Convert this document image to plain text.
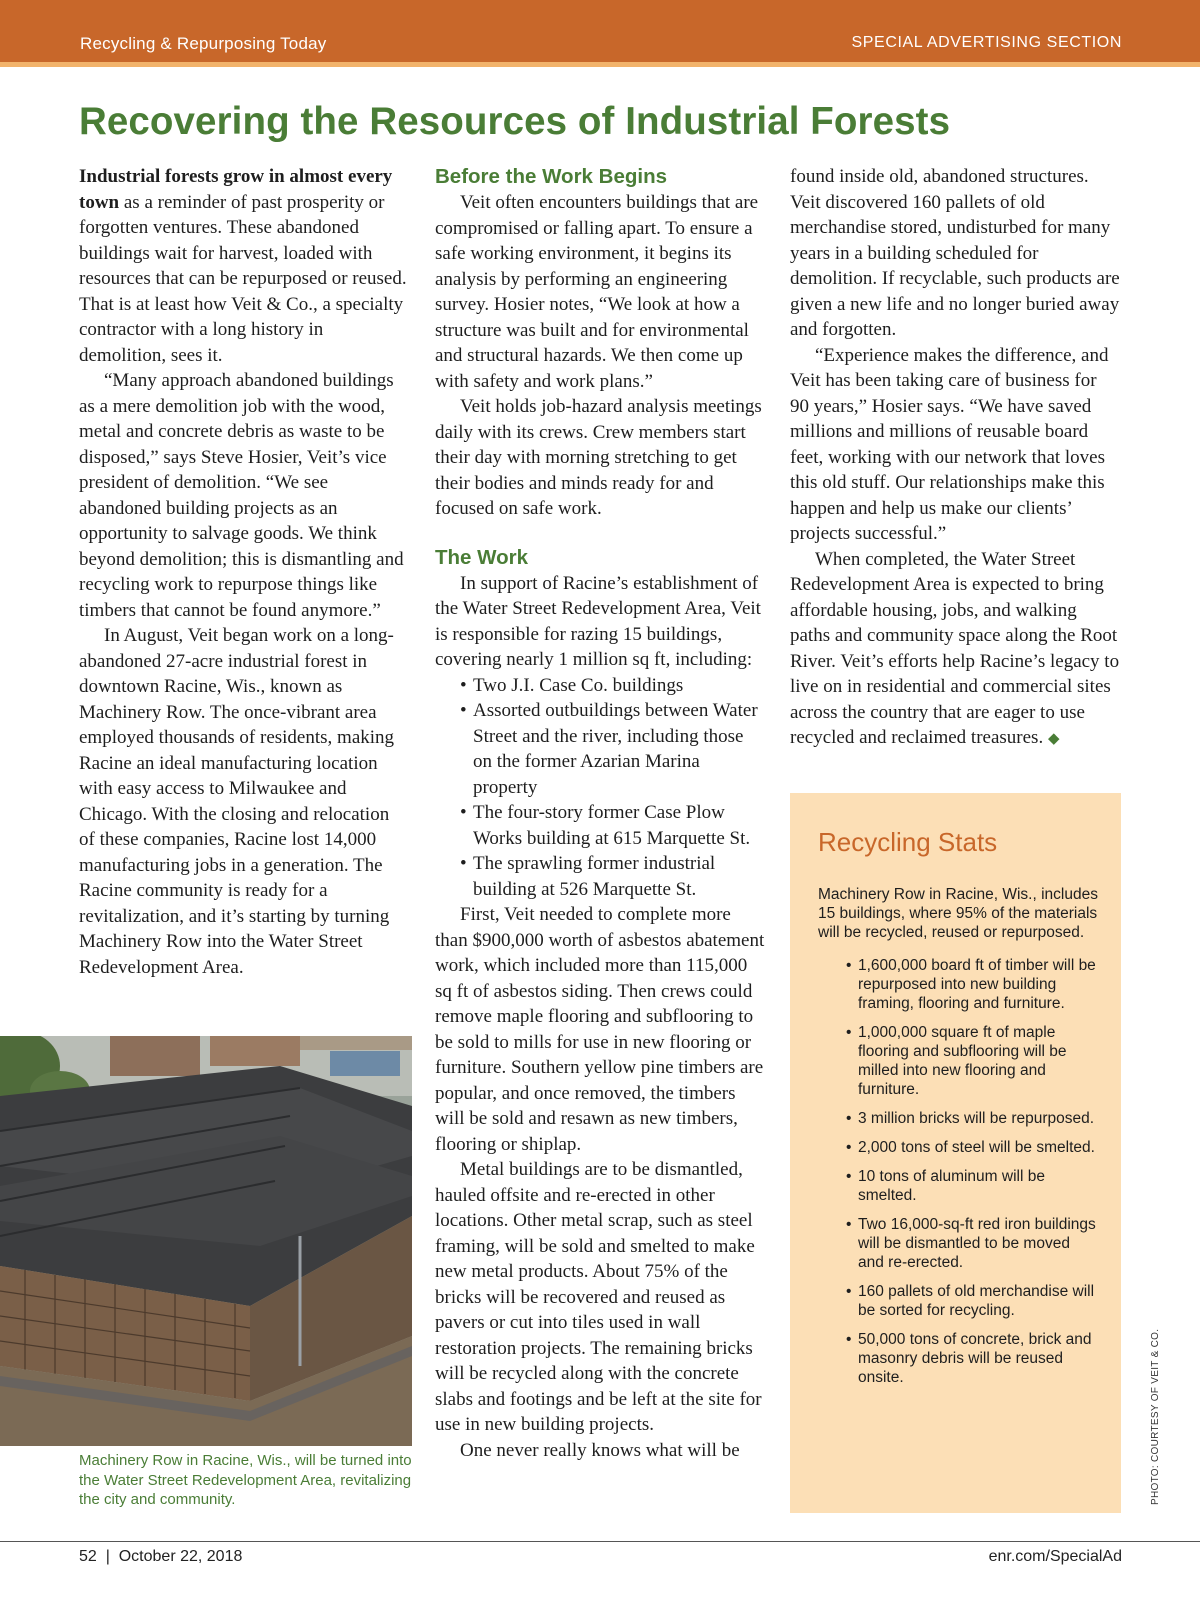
Recycling & Repurposing Today	SPECIAL ADVERTISING SECTION
Recovering the Resources of Industrial Forests

Industrial forests grow in almost every town as a reminder of past prosperity or forgotten ventures. These abandoned buildings wait for harvest, loaded with resources that can be repurposed or reused. That is at least how Veit & Co., a specialty contractor with a long history in demolition, sees it.

“Many approach abandoned buildings as a mere demolition job with the wood, metal and concrete debris as waste to be disposed,” says Steve Hosier, Veit’s vice president of demolition. “We see abandoned building projects as an opportunity to salvage goods. We think beyond demolition; this is dismantling and recycling work to repurpose things like timbers that cannot be found anymore.”

In August, Veit began work on a long-abandoned 27-acre industrial forest in downtown Racine, Wis., known as Machinery Row. The once-vibrant area employed thousands of residents, making Racine an ideal manufacturing location with easy access to Milwaukee and Chicago. With the closing and relocation of these companies, Racine lost 14,000 manufacturing jobs in a generation. The Racine community is ready for a revitalization, and it’s starting by turning Machinery Row into the Water Street Redevelopment Area.

Machinery Row in Racine, Wis., will be turned into the Water Street Redevelopment Area, revitalizing the city and community.

Before the Work Begins

Veit often encounters buildings that are compromised or falling apart. To ensure a safe working environment, it begins its analysis by performing an engineering survey. Hosier notes, “We look at how a structure was built and for environmental and structural hazards. We then come up with safety and work plans.”

Veit holds job-hazard analysis meetings daily with its crews. Crew members start their day with morning stretching to get their bodies and minds ready for and focused on safe work.

The Work

In support of Racine’s establishment of the Water Street Redevelopment Area, Veit is responsible for razing 15 buildings, covering nearly 1 million sq ft, including:

• Two J.I. Case Co. buildings
• Assorted outbuildings between Water Street and the river, including those on the former Azarian Marina property
• The four-story former Case Plow Works building at 615 Marquette St.
• The sprawling former industrial building at 526 Marquette St.

First, Veit needed to complete more than $900,000 worth of asbestos abatement work, which included more than 115,000 sq ft of asbestos siding. Then crews could remove maple flooring and subflooring to be sold to mills for use in new flooring or furniture. Southern yellow pine timbers are popular, and once removed, the timbers will be sold and resawn as new timbers, flooring or shiplap.

Metal buildings are to be dismantled, hauled offsite and re-erected in other locations. Other metal scrap, such as steel framing, will be sold and smelted to make new metal products. About 75% of the bricks will be recovered and reused as pavers or cut into tiles used in wall restoration projects. The remaining bricks will be recycled along with the concrete slabs and footings and be left at the site for use in new building projects.

One never really knows what will be

found inside old, abandoned structures. Veit discovered 160 pallets of old merchandise stored, undisturbed for many years in a building scheduled for demolition. If recyclable, such products are given a new life and no longer buried away and forgotten.

“Experience makes the difference, and Veit has been taking care of business for 90 years,” Hosier says. “We have saved millions and millions of reusable board feet, working with our network that loves this old stuff. Our relationships make this happen and help us make our clients’ projects successful.”

When completed, the Water Street Redevelopment Area is expected to bring affordable housing, jobs, and walking paths and community space along the Root River. Veit’s efforts help Racine’s legacy to live on in residential and commercial sites across the country that are eager to use recycled and reclaimed treasures. ◆

Recycling Stats

Machinery Row in Racine, Wis., includes 15 buildings, where 95% of the materials will be recycled, reused or repurposed.

• 1,600,000 board ft of timber will be repurposed into new building framing, flooring and furniture.
• 1,000,000 square ft of maple flooring and subflooring will be milled into new flooring and furniture.
• 3 million bricks will be repurposed.
• 2,000 tons of steel will be smelted.
• 10 tons of aluminum will be smelted.
• Two 16,000-sq-ft red iron buildings will be dismantled to be moved and re-erected.
• 160 pallets of old merchandise will be sorted for recycling.
• 50,000 tons of concrete, brick and masonry debris will be reused onsite.	PHOTO: COURTESY OF VEIT & CO.
52  |  October 22, 2018	enr.com/SpecialAd
